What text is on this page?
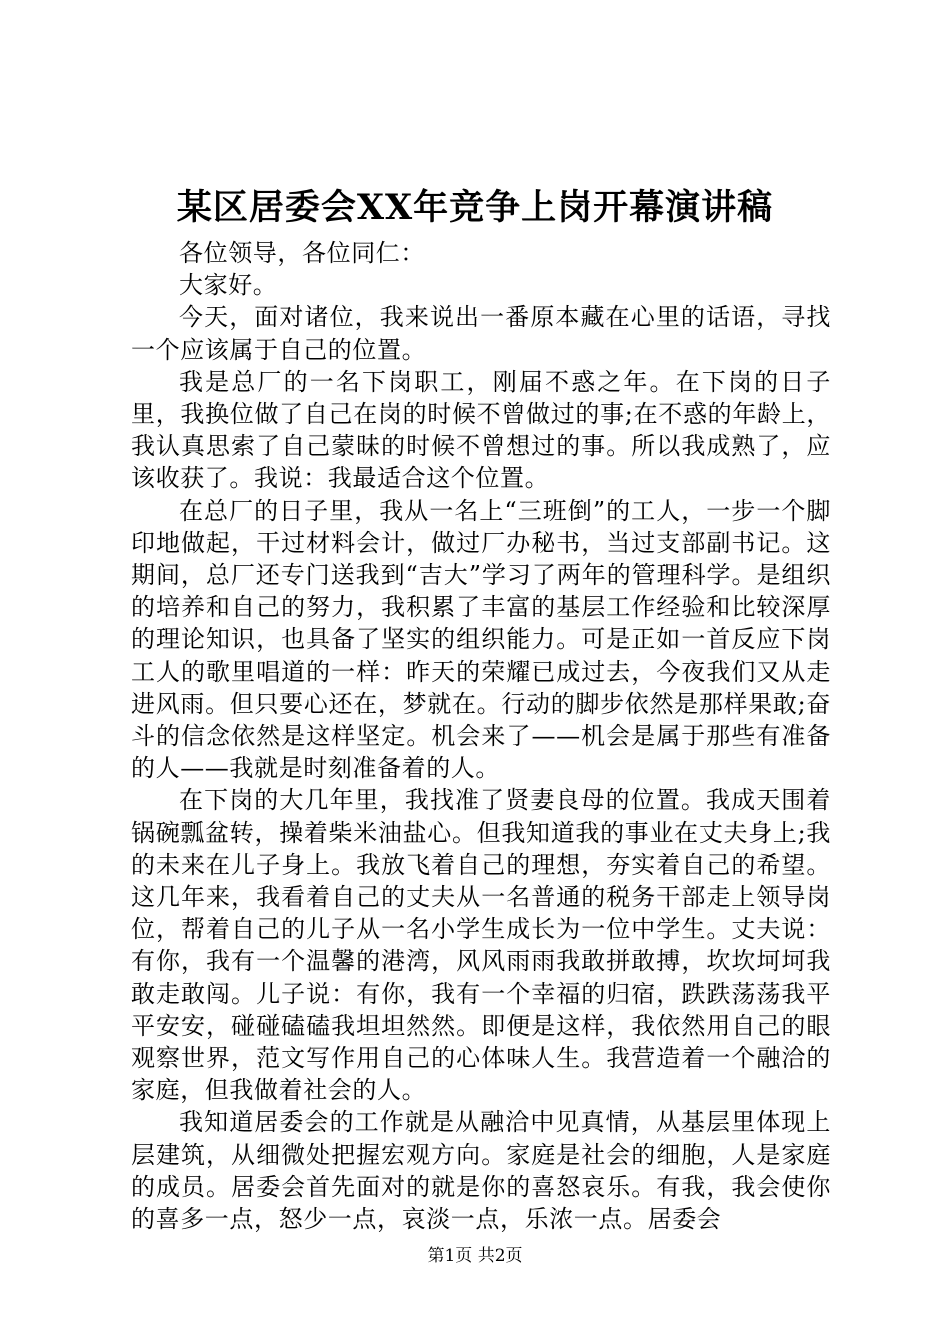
某区居委会XX年竞争上岗开幕演讲稿

各位领导，各位同仁：

大家好。

今天，面对诸位，我来说出一番原本藏在心里的话语，寻找一个应该属于自己的位置。

我是总厂的一名下岗职工，刚届不惑之年。在下岗的日子里，我换位做了自己在岗的时候不曾做过的事;在不惑的年龄上，我认真思索了自己蒙昧的时候不曾想过的事。所以我成熟了，应该收获了。我说：我最适合这个位置。

在总厂的日子里，我从一名上“三班倒”的工人，一步一个脚印地做起，干过材料会计，做过厂办秘书，当过支部副书记。这期间，总厂还专门送我到“吉大”学习了两年的管理科学。是组织的培养和自己的努力，我积累了丰富的基层工作经验和比较深厚的理论知识，也具备了坚实的组织能力。可是正如一首反应下岗工人的歌里唱道的一样：昨天的荣耀已成过去，今夜我们又从走进风雨。但只要心还在，梦就在。行动的脚步依然是那样果敢;奋斗的信念依然是这样坚定。机会来了——机会是属于那些有准备的人——我就是时刻准备着的人。

在下岗的大几年里，我找准了贤妻良母的位置。我成天围着锅碗瓢盆转，操着柴米油盐心。但我知道我的事业在丈夫身上;我的未来在儿子身上。我放飞着自己的理想，夯实着自己的希望。这几年来，我看着自己的丈夫从一名普通的税务干部走上领导岗位，帮着自己的儿子从一名小学生成长为一位中学生。丈夫说：有你，我有一个温馨的港湾，风风雨雨我敢拼敢搏，坎坎坷坷我敢走敢闯。儿子说：有你，我有一个幸福的归宿，跌跌荡荡我平平安安，碰碰磕磕我坦坦然然。即便是这样，我依然用自己的眼观察世界，范文写作用自己的心体味人生。我营造着一个融洽的家庭，但我做着社会的人。

我知道居委会的工作就是从融洽中见真情，从基层里体现上层建筑，从细微处把握宏观方向。家庭是社会的细胞，人是家庭的成员。居委会首先面对的就是你的喜怒哀乐。有我，我会使你的喜多一点，怒少一点，哀淡一点，乐浓一点。居委会

第1页 共2页
